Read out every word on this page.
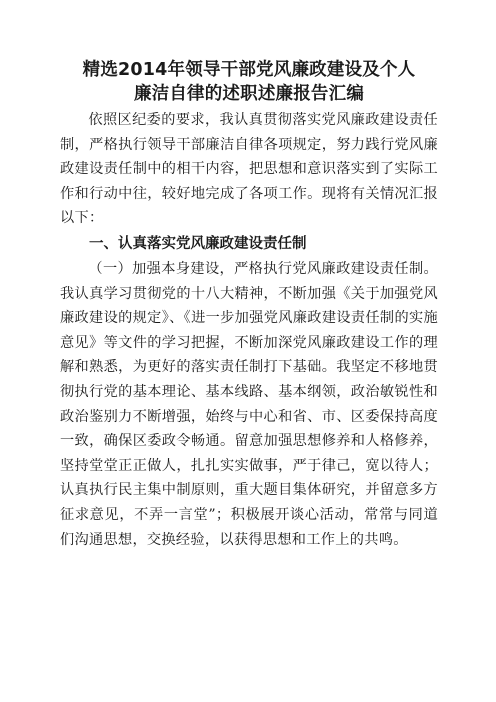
精选2014年领导干部党风廉政建设及个人
廉洁自律的述职述廉报告汇编

依照区纪委的要求，我认真贯彻落实党风廉政建设责任制，严格执行领导干部廉洁自律各项规定，努力践行党风廉政建设责任制中的相干内容，把思想和意识落实到了实际工作和行动中往，较好地完成了各项工作。现将有关情况汇报以下：

一、认真落实党风廉政建设责任制

（一）加强本身建设，严格执行党风廉政建设责任制。我认真学习贯彻党的十八大精神，不断加强《关于加强党风廉政建设的规定》、《进一步加强党风廉政建设责任制的实施意见》等文件的学习把握，不断加深党风廉政建设工作的理解和熟悉，为更好的落实责任制打下基础。我坚定不移地贯彻执行党的基本理论、基本线路、基本纲领，政治敏锐性和政治鉴别力不断增强，始终与中心和省、市、区委保持高度一致，确保区委政令畅通。留意加强思想修养和人格修养，坚持堂堂正正做人，扎扎实实做事，严于律己，宽以待人；认真执行民主集中制原则，重大题目集体研究，并留意多方征求意见，不弄一言堂”；积极展开谈心活动，常常与同道们沟通思想，交换经验，以获得思想和工作上的共鸣。
